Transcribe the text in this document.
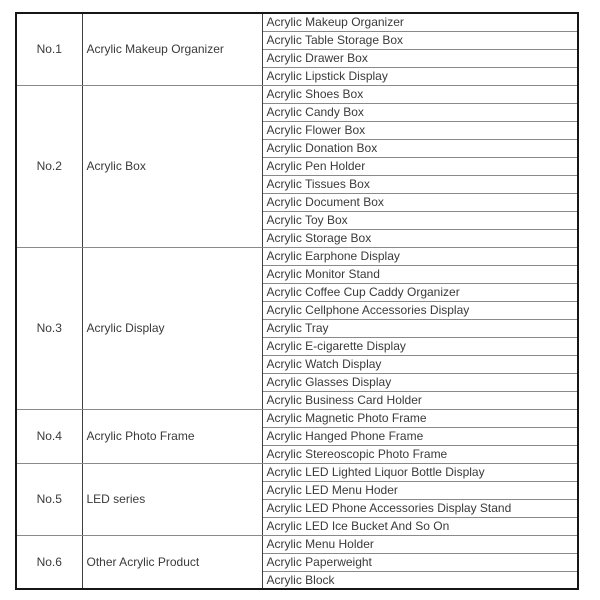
No.1	Acrylic Makeup Organizer	Acrylic Makeup Organizer
		Acrylic Table Storage Box
		Acrylic Drawer Box
		Acrylic Lipstick Display
No.2	Acrylic Box	Acrylic Shoes Box
		Acrylic Candy Box
		Acrylic Flower Box
		Acrylic Donation Box
		Acrylic Pen Holder
		Acrylic Tissues Box
		Acrylic Document Box
		Acrylic Toy Box
		Acrylic Storage Box
No.3	Acrylic Display	Acrylic Earphone Display
		Acrylic Monitor Stand
		Acrylic Coffee Cup Caddy Organizer
		Acrylic Cellphone Accessories Display
		Acrylic Tray
		Acrylic E-cigarette Display
		Acrylic Watch Display
		Acrylic Glasses Display
		Acrylic Business Card Holder
No.4	Acrylic Photo Frame	Acrylic Magnetic Photo Frame
		Acrylic Hanged Phone Frame
		Acrylic Stereoscopic Photo Frame
No.5	LED series	Acrylic LED Lighted Liquor Bottle Display
		Acrylic LED Menu Hoder
		Acrylic LED Phone Accessories Display Stand
		Acrylic LED Ice Bucket And So On
No.6	Other Acrylic Product	Acrylic Menu Holder
		Acrylic Paperweight
		Acrylic Block
